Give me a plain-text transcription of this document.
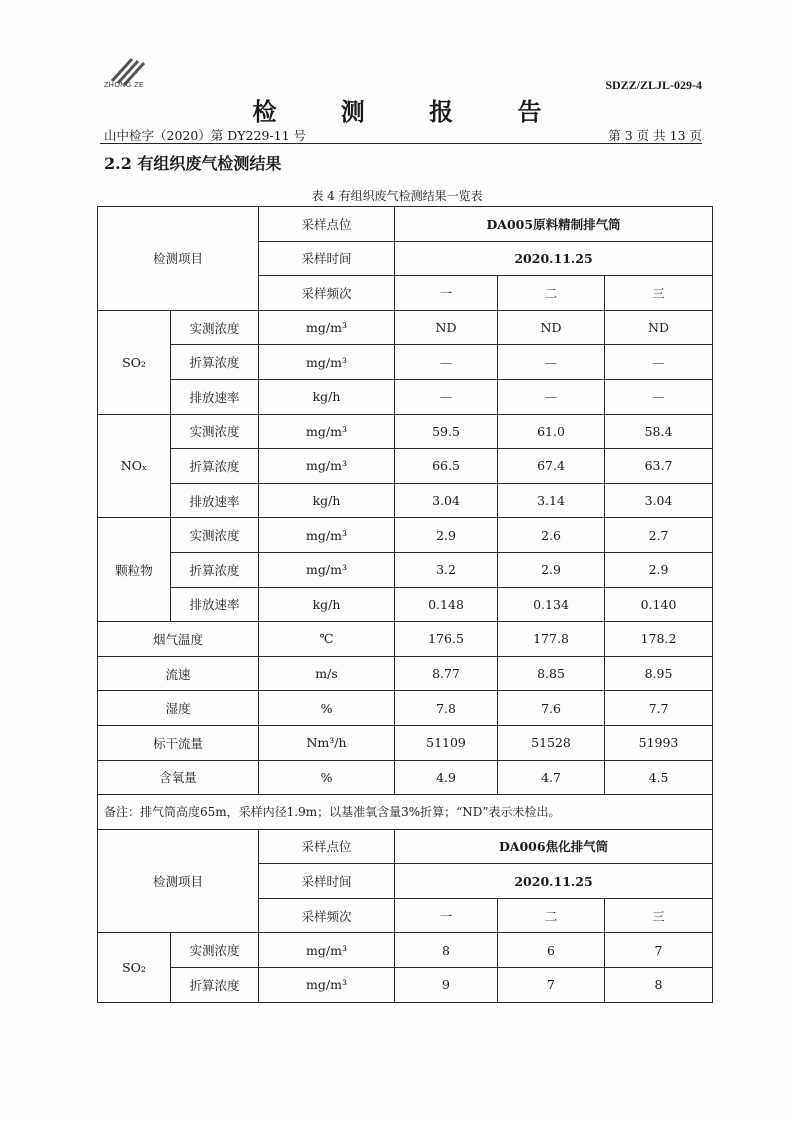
ZHONG ZE	SDZZ/ZLJL-029-4
检 测 报 告
山中检字（2020）第 DY229-11 号	第 3 页 共 13 页
2.2 有组织废气检测结果
表 4 有组织废气检测结果一览表
检测项目		采样点位	DA005原料精制排气筒		
		采样时间	2020.11.25		
		采样频次	一	二	三
SO₂	实测浓度	mg/m³	ND	ND	ND
	折算浓度	mg/m³	—	—	—
	排放速率	kg/h	—	—	—
NOₓ	实测浓度	mg/m³	59.5	61.0	58.4
	折算浓度	mg/m³	66.5	67.4	63.7
	排放速率	kg/h	3.04	3.14	3.04
颗粒物	实测浓度	mg/m³	2.9	2.6	2.7
	折算浓度	mg/m³	3.2	2.9	2.9
	排放速率	kg/h	0.148	0.134	0.140
烟气温度		℃	176.5	177.8	178.2
流速		m/s	8.77	8.85	8.95
湿度		%	7.8	7.6	7.7
标干流量		Nm³/h	51109	51528	51993
含氧量		%	4.9	4.7	4.5
备注：排气筒高度65m，采样内径1.9m；以基准氧含量3%折算；“ND”表示未检出。					
检测项目		采样点位	DA006焦化排气筒		
		采样时间	2020.11.25		
		采样频次	一	二	三
SO₂	实测浓度	mg/m³	8	6	7
	折算浓度	mg/m³	9	7	8
